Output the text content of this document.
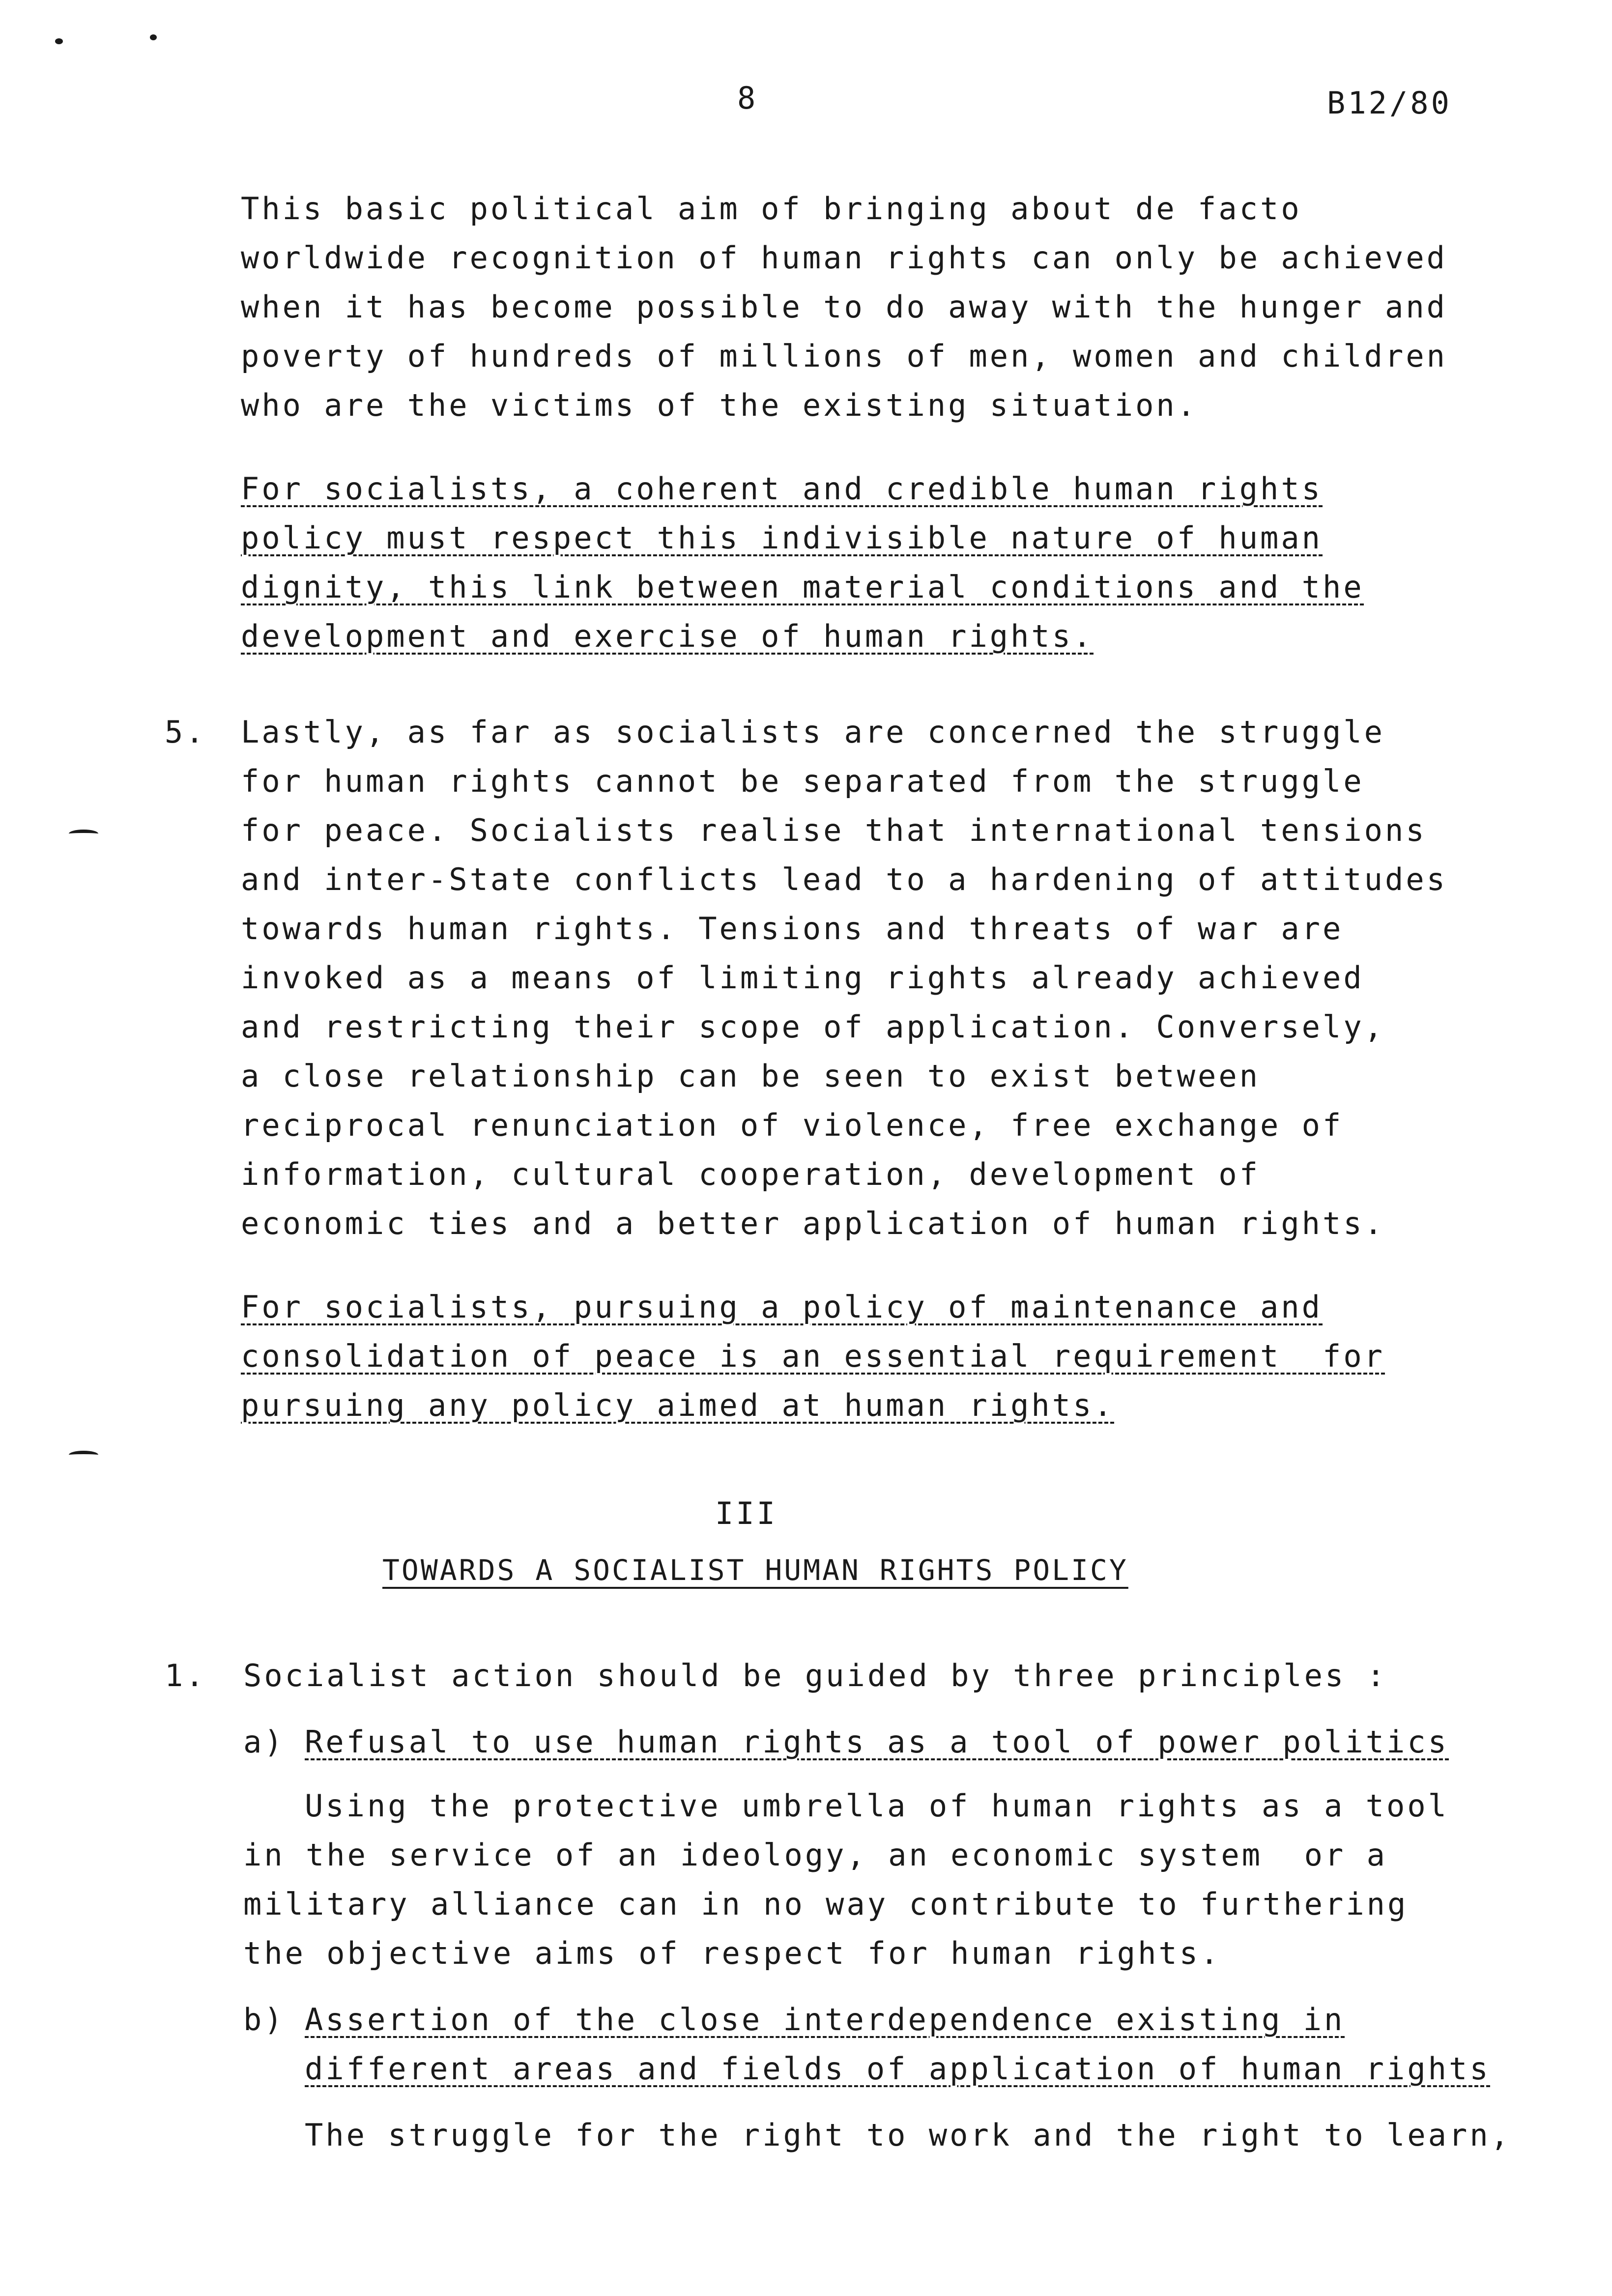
8	B12/80
This basic political aim of bringing about de facto
worldwide recognition of human rights can only be achieved
when it has become possible to do away with the hunger and
poverty of hundreds of millions of men, women and children
who are the victims of the existing situation.
For socialists, a coherent and credible human rights
policy must respect this indivisible nature of human
dignity, this link between material conditions and the
development and exercise of human rights.
5. Lastly, as far as socialists are concerned the struggle
for human rights cannot be separated from the struggle
for peace. Socialists realise that international tensions
and inter-State conflicts lead to a hardening of attitudes
towards human rights. Tensions and threats of war are
invoked as a means of limiting rights already achieved
and restricting their scope of application. Conversely,
a close relationship can be seen to exist between
reciprocal renunciation of violence, free exchange of
information, cultural cooperation, development of
economic ties and a better application of human rights.
For socialists, pursuing a policy of maintenance and
consolidation of peace is an essential requirement  for
pursuing any policy aimed at human rights.
III
TOWARDS A SOCIALIST HUMAN RIGHTS POLICY
1. Socialist action should be guided by three principles :
a) Refusal to use human rights as a tool of power politics
Using the protective umbrella of human rights as a tool
in the service of an ideology, an economic system  or a
military alliance can in no way contribute to furthering
the objective aims of respect for human rights.
b) Assertion of the close interdependence existing in
different areas and fields of application of human rights
The struggle for the right to work and the right to learn,
